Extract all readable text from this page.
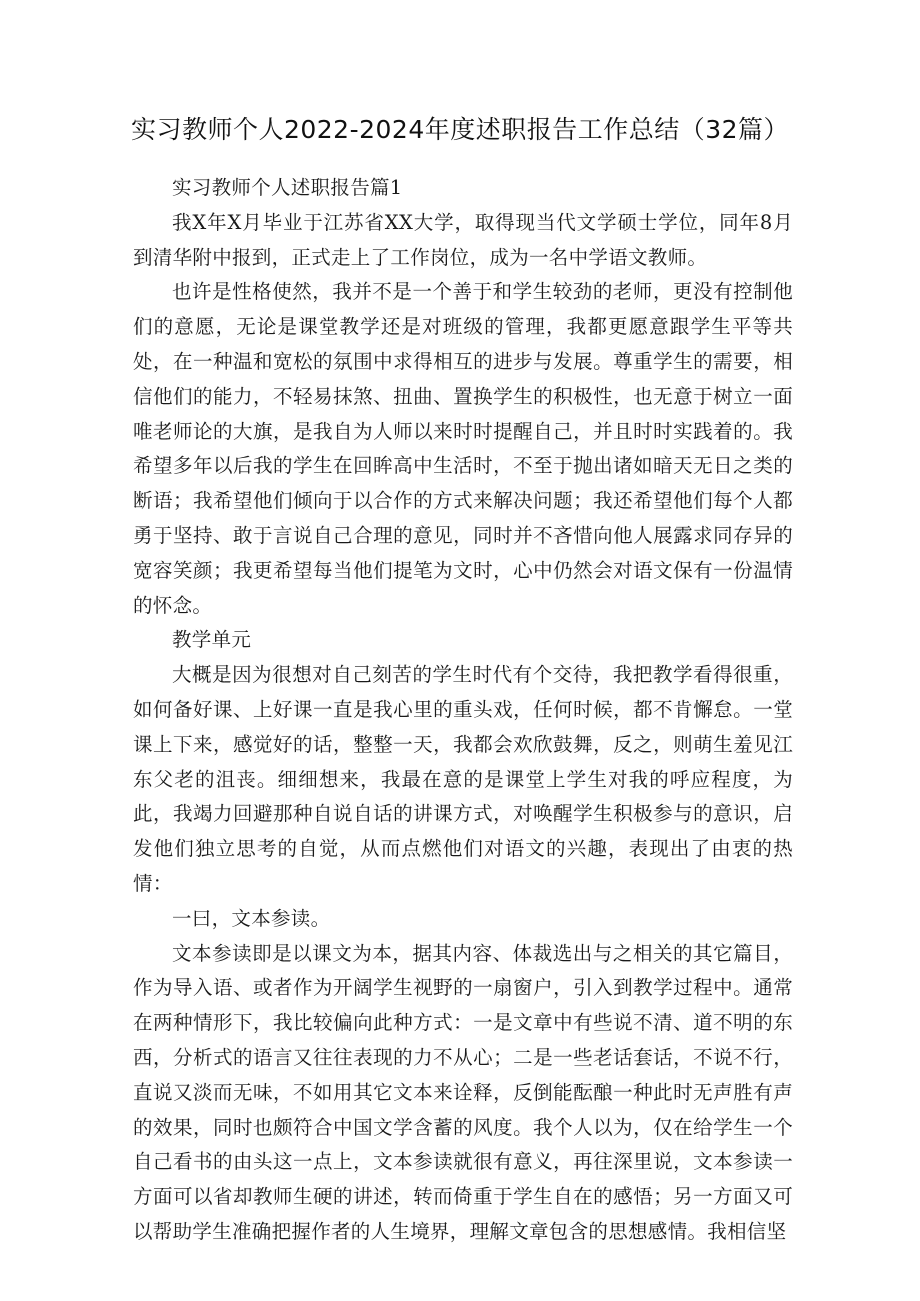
实习教师个人2022-2024年度述职报告工作总结（32篇）

实习教师个人述职报告篇1

我X年X月毕业于江苏省XX大学，取得现当代文学硕士学位，同年8月到清华附中报到，正式走上了工作岗位，成为一名中学语文教师。

也许是性格使然，我并不是一个善于和学生较劲的老师，更没有控制他们的意愿，无论是课堂教学还是对班级的管理，我都更愿意跟学生平等共处，在一种温和宽松的氛围中求得相互的进步与发展。尊重学生的需要，相信他们的能力，不轻易抹煞、扭曲、置换学生的积极性，也无意于树立一面唯老师论的大旗，是我自为人师以来时时提醒自己，并且时时实践着的。我希望多年以后我的学生在回眸高中生活时，不至于抛出诸如暗天无日之类的断语；我希望他们倾向于以合作的方式来解决问题；我还希望他们每个人都勇于坚持、敢于言说自己合理的意见，同时并不吝惜向他人展露求同存异的宽容笑颜；我更希望每当他们提笔为文时，心中仍然会对语文保有一份温情的怀念。

教学单元

大概是因为很想对自己刻苦的学生时代有个交待，我把教学看得很重，如何备好课、上好课一直是我心里的重头戏，任何时候，都不肯懈怠。一堂课上下来，感觉好的话，整整一天，我都会欢欣鼓舞，反之，则萌生羞见江东父老的沮丧。细细想来，我最在意的是课堂上学生对我的呼应程度，为此，我竭力回避那种自说自话的讲课方式，对唤醒学生积极参与的意识，启发他们独立思考的自觉，从而点燃他们对语文的兴趣，表现出了由衷的热情：

一曰，文本参读。

文本参读即是以课文为本，据其内容、体裁选出与之相关的其它篇目，作为导入语、或者作为开阔学生视野的一扇窗户，引入到教学过程中。通常在两种情形下，我比较偏向此种方式：一是文章中有些说不清、道不明的东西，分析式的语言又往往表现的力不从心；二是一些老话套话，不说不行，直说又淡而无味，不如用其它文本来诠释，反倒能酝酿一种此时无声胜有声的效果，同时也颇符合中国文学含蓄的风度。我个人以为，仅在给学生一个自己看书的由头这一点上，文本参读就很有意义，再往深里说，文本参读一方面可以省却教师生硬的讲述，转而倚重于学生自在的感悟；另一方面又可以帮助学生准确把握作者的人生境界，理解文章包含的思想感情。我相信坚
